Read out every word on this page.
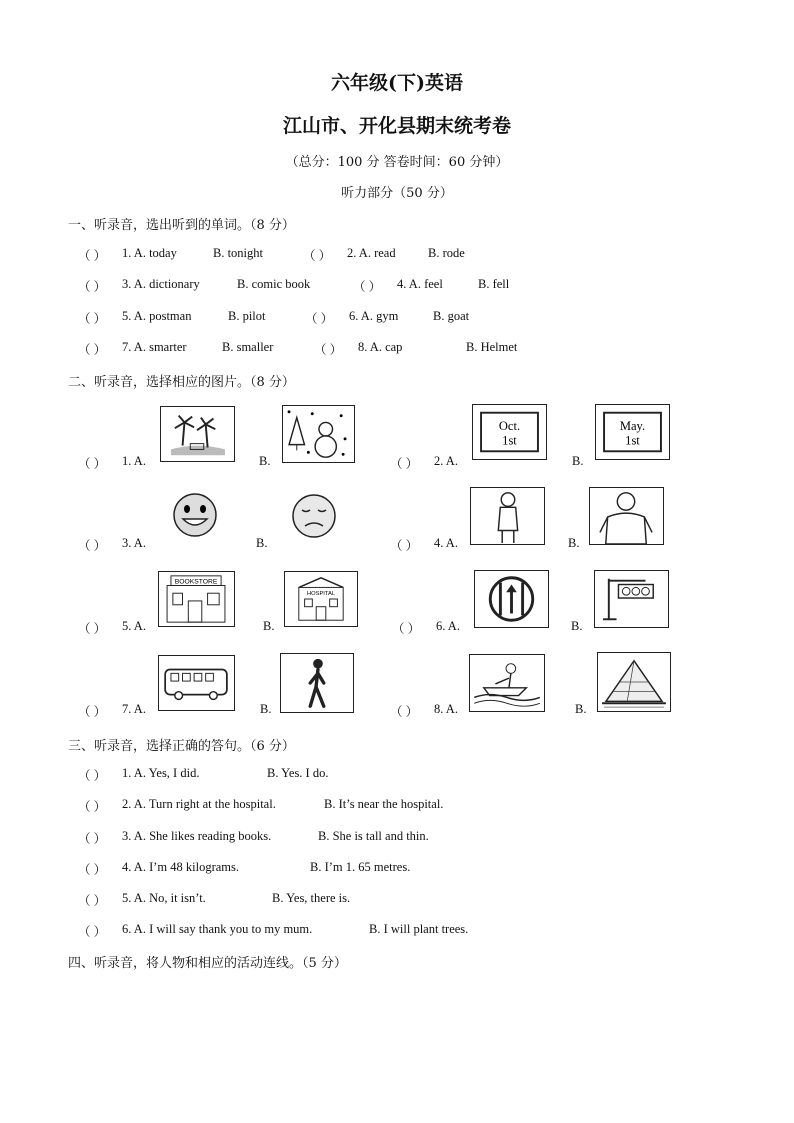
六年级(下)英语
江山市、开化县期末统考卷
（总分：100 分 答卷时间：60 分钟）
听力部分（50 分）
一、听录音，选出听到的单词。（8 分）
（ ）	1. A. today	B. tonight	（ ） 2. A. read	B. rode
（ ） 3. A. dictionary	B. comic book	（ ） 4. A. feel	B. fell
（ ） 5. A. postman	B. pilot	（ ） 6. A. gym	B. goat
（ ） 7. A. smarter	B. smaller	（ ） 8. A. cap	B. Helmet
二、听录音，选择相应的图片。（8 分）
（ ） 1. A.	B.	（ ） 2. A.
Oct.
1st
B.
May.
1st
（ ） 3. A.	B.	（ ） 4. A.	B.
（ ） 5. A.
BOOKSTORE
B.
HOSPITAL
（ ） 6. A.	B.
（ ） 7. A.	B.	（ ） 8. A.	B.
三、听录音，选择正确的答句。（6 分）
（ ） 1. A. Yes, I did.	B. Yes. I do.
（ ） 2. A. Turn right at the hospital.	B. It’s near the hospital.
（ ） 3. A. She likes reading books.	B. She is tall and thin.
（ ） 4. A. I’m 48 kilograms.	B. I’m 1. 65 metres.
（ ） 5. A. No, it isn’t.	B. Yes, there is.
（ ） 6. A. I will say thank you to my mum.	B. I will plant trees.
四、听录音，将人物和相应的活动连线。（5 分）
